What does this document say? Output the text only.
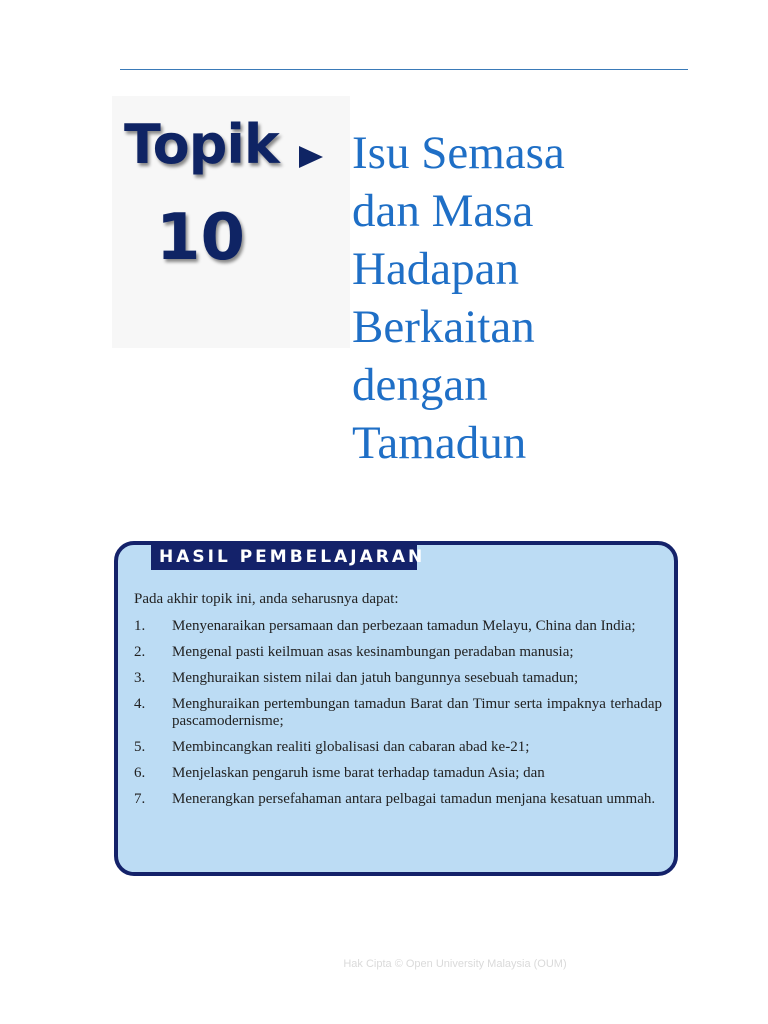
Topik
10
Isu Semasa
dan Masa
Hadapan
Berkaitan
dengan
Tamadun
HASIL PEMBELAJARAN
Pada akhir topik ini, anda seharusnya dapat:
1.	Menyenaraikan persamaan dan perbezaan tamadun Melayu, China dan India;
2.	Mengenal pasti keilmuan asas kesinambungan peradaban manusia;
3.	Menghuraikan sistem nilai dan jatuh bangunnya sesebuah tamadun;
4.	Menghuraikan pertembungan tamadun Barat dan Timur serta impaknya terhadap pascamodernisme;
5.	Membincangkan realiti globalisasi dan cabaran abad ke-21;
6.	Menjelaskan pengaruh isme barat terhadap tamadun Asia; dan
7.	Menerangkan persefahaman antara pelbagai tamadun menjana kesatuan ummah.
Hak Cipta © Open University Malaysia (OUM)
